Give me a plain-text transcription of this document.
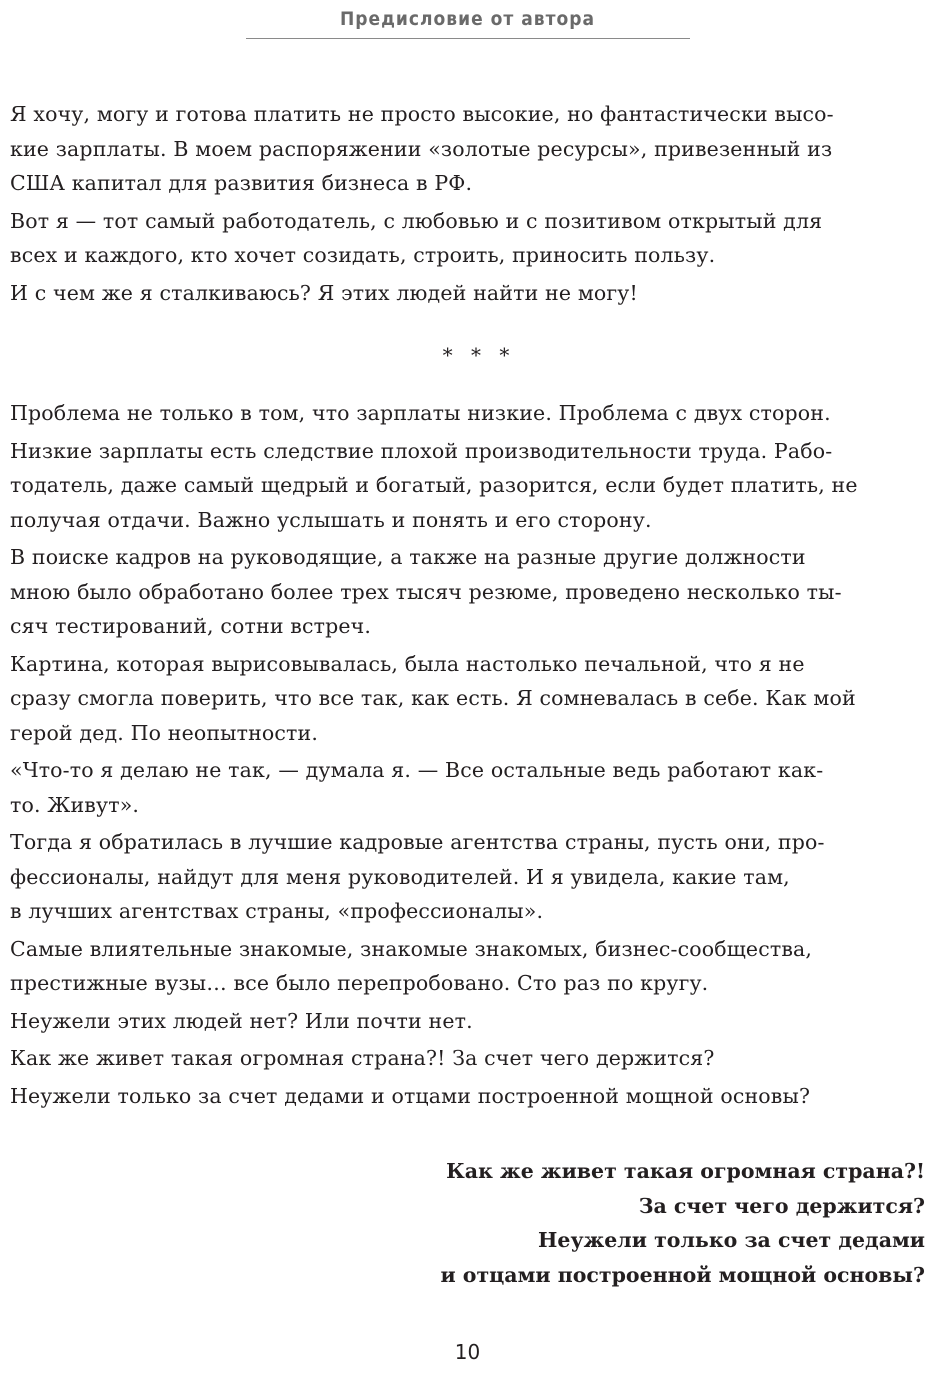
Предисловие от автора
Я хочу, могу и готова платить не просто высокие, но фантастически высо-
кие зарплаты. В моем распоряжении «золотые ресурсы», привезенный из
США капитал для развития бизнеса в РФ.
Вот я — тот самый работодатель, с любовью и с позитивом открытый для
всех и каждого, кто хочет созидать, строить, приносить пользу.
И с чем же я сталкиваюсь? Я этих людей найти не могу!
* * *
Проблема не только в том, что зарплаты низкие. Проблема с двух сторон.
Низкие зарплаты есть следствие плохой производительности труда. Рабо-
тодатель, даже самый щедрый и богатый, разорится, если будет платить, не
получая отдачи. Важно услышать и понять и его сторону.
В поиске кадров на руководящие, а также на разные другие должности
мною было обработано более трех тысяч резюме, проведено несколько ты-
сяч тестирований, сотни встреч.
Картина, которая вырисовывалась, была настолько печальной, что я не
сразу смогла поверить, что все так, как есть. Я сомневалась в себе. Как мой
герой дед. По неопытности.
«Что-то я делаю не так, — думала я. — Все остальные ведь работают как-
то. Живут».
Тогда я обратилась в лучшие кадровые агентства страны, пусть они, про-
фессионалы, найдут для меня руководителей. И я увидела, какие там,
в лучших агентствах страны, «профессионалы».
Самые влиятельные знакомые, знакомые знакомых, бизнес-сообщества,
престижные вузы… все было перепробовано. Сто раз по кругу.
Неужели этих людей нет? Или почти нет.
Как же живет такая огромная страна?! За счет чего держится?
Неужели только за счет дедами и отцами построенной мощной основы?
Как же живет такая огромная страна?!
За счет чего держится?
Неужели только за счет дедами
и отцами построенной мощной основы?
10
